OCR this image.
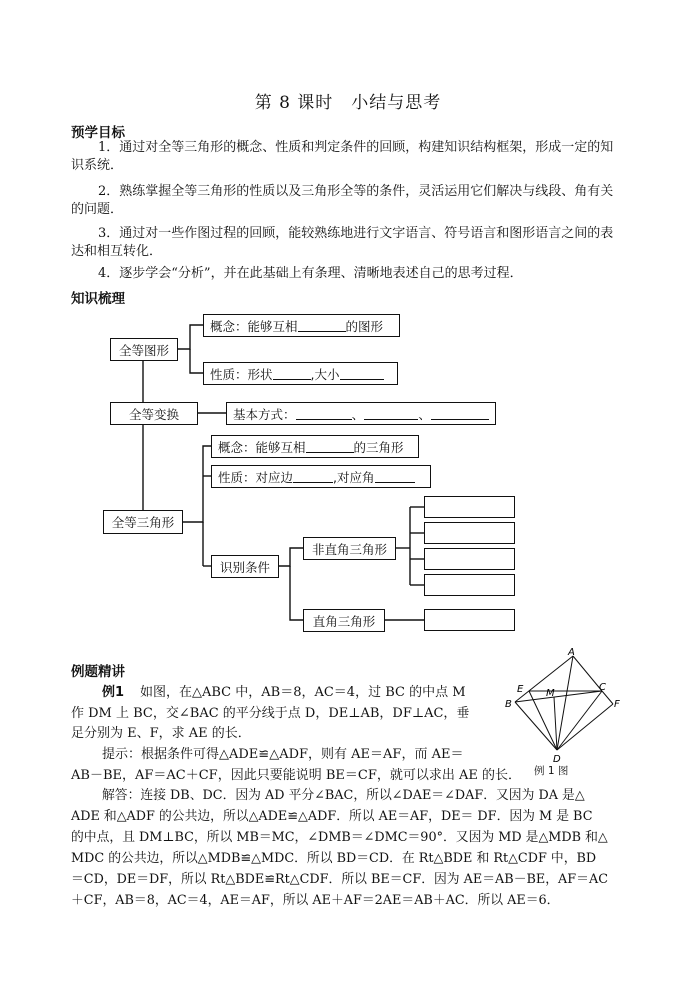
第 8 课时　小结与思考
预学目标
1．通过对全等三角形的概念、性质和判定条件的回顾，构建知识结构框架，形成一定的知识系统．
2．熟练掌握全等三角形的性质以及三角形全等的条件，灵活运用它们解决与线段、角有关的问题．
3．通过对一些作图过程的回顾，能较熟练地进行文字语言、符号语言和图形语言之间的表达和相互转化．
4．逐步学会“分析”，并在此基础上有条理、清晰地表述自己的思考过程．
知识梳理
全等图形
概念：能够互相	的图形
性质：形状	,大小
全等变换	基本方式：	、	、
概念：能够互相	的三角形
性质：对应边	,对应角
全等三角形
识别条件
非直角三角形
直角三角形
例题精讲
例1 如图，在△ABC 中，AB＝8，AC＝4，过 BC 的中点 M
作 DM 上 BC，交∠BAC 的平分线于点 D，DE⊥AB，DF⊥AC，垂
足分别为 E、F，求 AE 的长．
提示：根据条件可得△ADE≌△ADF，则有 AE＝AF，而 AE＝
AB－BE，AF＝AC＋CF，因此只要能说明 BE＝CF，就可以求出 AE 的长．
解答：连接 DB、DC．因为 AD 平分∠BAC，所以∠DAE＝∠DAF．又因为 DA 是△
ADE 和△ADF 的公共边，所以△ADE≌△ADF．所以 AE＝AF，DE＝ DF．因为 M 是 BC
的中点，且 DM⊥BC，所以 MB＝MC，∠DMB＝∠DMC＝90°．又因为 MD 是△MDB 和△
MDC 的公共边，所以△MDB≌△MDC．所以 BD＝CD．在 Rt△BDE 和 Rt△CDF 中，BD
＝CD，DE＝DF，所以 Rt△BDE≌Rt△CDF．所以 BE＝CF．因为 AE＝AB－BE，AF＝AC
＋CF，AB＝8，AC＝4，AE＝AF，所以 AE＋AF＝2AE＝AB＋AC．所以 AE＝6．
A
B
C
D
E
F
M
例 1 图
